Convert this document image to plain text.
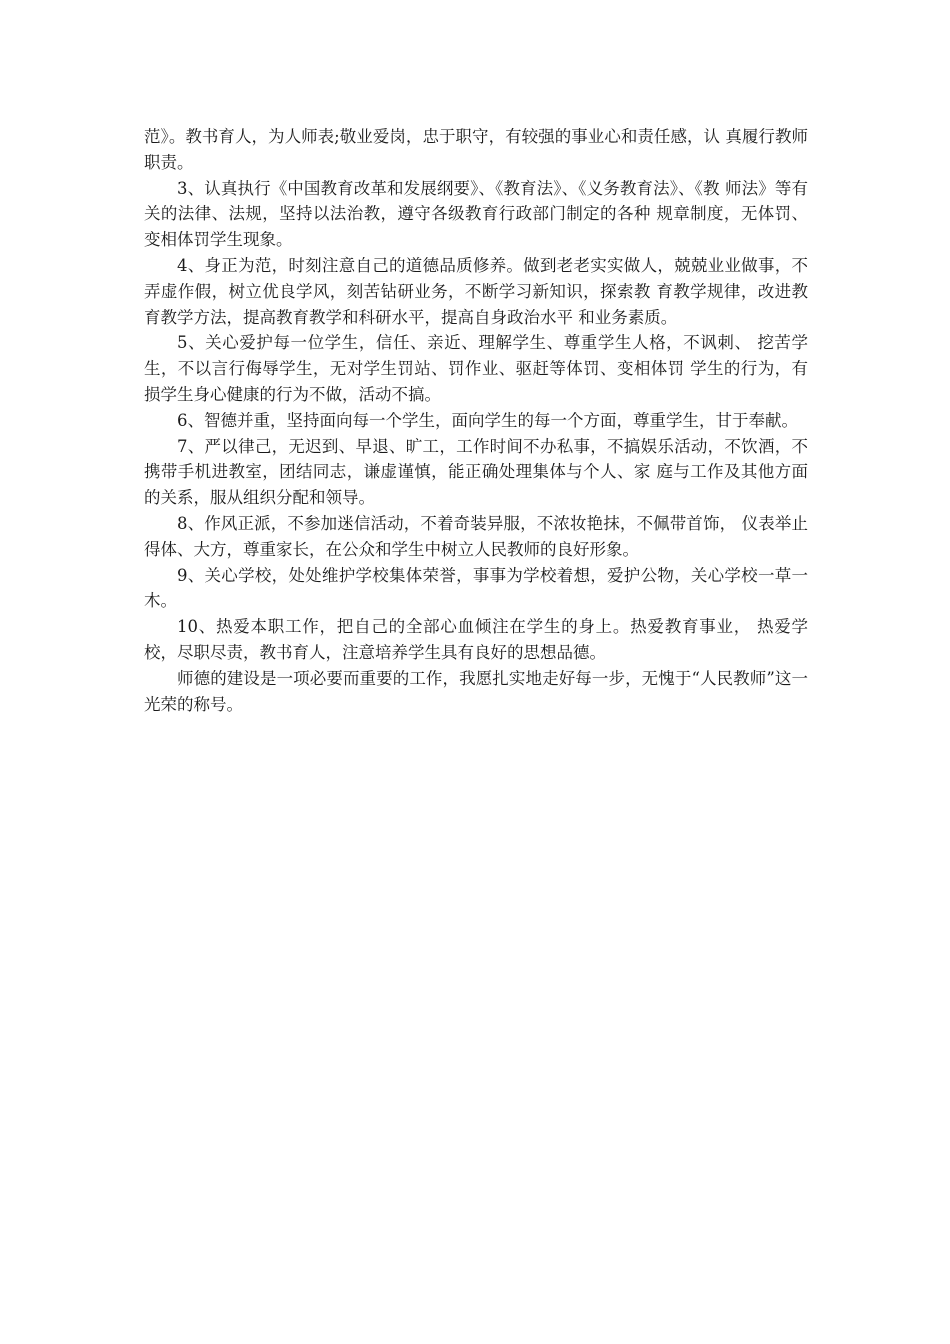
范》。教书育人，为人师表;敬业爱岗，忠于职守，有较强的事业心和责任感，认 真履行教师职责。

3、认真执行《中国教育改革和发展纲要》、《教育法》、《义务教育法》、《教 师法》等有关的法律、法规，坚持以法治教，遵守各级教育行政部门制定的各种 规章制度，无体罚、变相体罚学生现象。

4、身正为范，时刻注意自己的道德品质修养。做到老老实实做人，兢兢业业做事，不弄虚作假，树立优良学风，刻苦钻研业务，不断学习新知识，探索教 育教学规律，改进教育教学方法，提高教育教学和科研水平，提高自身政治水平 和业务素质。

5、关心爱护每一位学生，信任、亲近、理解学生、尊重学生人格，不讽刺、 挖苦学生，不以言行侮辱学生，无对学生罚站、罚作业、驱赶等体罚、变相体罚 学生的行为，有损学生身心健康的行为不做，活动不搞。

6、智德并重，坚持面向每一个学生，面向学生的每一个方面，尊重学生，甘于奉献。

7、严以律己，无迟到、早退、旷工，工作时间不办私事，不搞娱乐活动，不饮酒，不携带手机进教室，团结同志，谦虚谨慎，能正确处理集体与个人、家 庭与工作及其他方面的关系，服从组织分配和领导。

8、作风正派，不参加迷信活动，不着奇装异服，不浓妆艳抹，不佩带首饰， 仪表举止得体、大方，尊重家长，在公众和学生中树立人民教师的良好形象。

9、关心学校，处处维护学校集体荣誉，事事为学校着想，爱护公物，关心学校一草一木。

10、热爱本职工作，把自己的全部心血倾注在学生的身上。热爱教育事业， 热爱学校，尽职尽责，教书育人，注意培养学生具有良好的思想品德。

师德的建设是一项必要而重要的工作，我愿扎实地走好每一步，无愧于“人民教师”这一光荣的称号。
